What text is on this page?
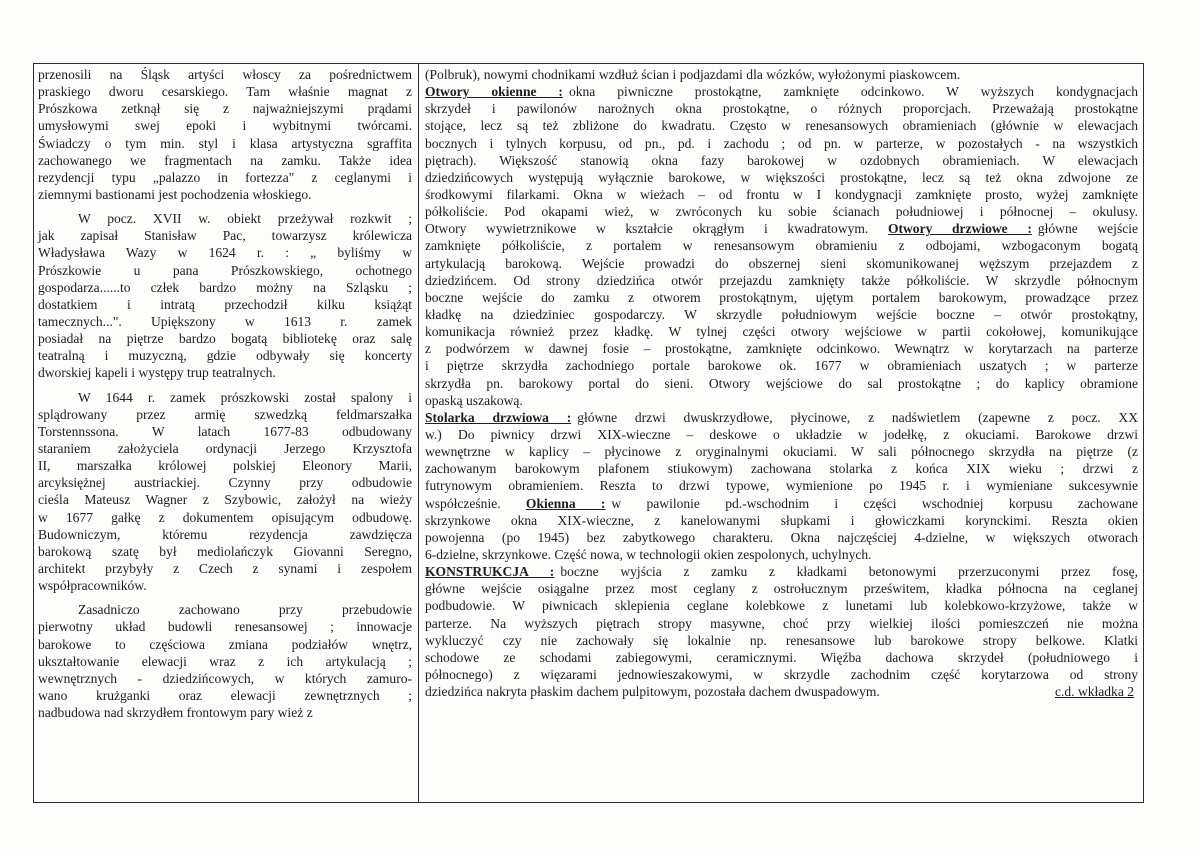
przenosili na Śląsk artyści włoscy za pośrednictwem
praskiego dworu cesarskiego. Tam właśnie magnat z
Prószkowa zetknął się z najważniejszymi prądami
umysłowymi swej epoki i wybitnymi twórcami.
Świadczy o tym min. styl i klasa artystyczna sgraffita
zachowanego we fragmentach na zamku. Także idea
rezydencji typu „palazzo in fortezza" z ceglanymi i
ziemnymi bastionami jest pochodzenia włoskiego.
W pocz. XVII w. obiekt przeżywał rozkwit ;
jak zapisał Stanisław Pac, towarzysz królewicza
Władysława Wazy w 1624 r. : „ byliśmy w
Prószkowie u pana Prószkowskiego, ochotnego
gospodarza......to człek bardzo możny na Szląsku ;
dostatkiem i intratą przechodził kilku książąt
tamecznych...". Upiększony w 1613 r. zamek
posiadał na piętrze bardzo bogatą bibliotekę oraz salę
teatralną i muzyczną, gdzie odbywały się koncerty
dworskiej kapeli i występy trup teatralnych.
W 1644 r. zamek prószkowski został spalony i
splądrowany przez armię szwedzką feldmarszałka
Torstennssona. W latach 1677-83 odbudowany
staraniem założyciela ordynacji Jerzego Krzysztofa
II, marszałka królowej polskiej Eleonory Marii,
arcyksiężnej austriackiej. Czynny przy odbudowie
cieśla Mateusz Wagner z Szybowic, założył na wieży
w 1677 gałkę z dokumentem opisującym odbudowę.
Budowniczym, któremu rezydencja zawdzięcza
barokową szatę był mediolańczyk Giovanni Seregno,
architekt przybyły z Czech z synami i zespołem
współpracowników.
Zasadniczo zachowano przy przebudowie
pierwotny układ budowli renesansowej ; innowacje
barokowe to częściowa zmiana podziałów wnętrz,
ukształtowanie elewacji wraz z ich artykulacją ;
wewnętrznych - dziedzińcowych, w których zamuro-
wano krużganki oraz elewacji zewnętrznych ;
nadbudowa nad skrzydłem frontowym pary wież z
(Polbruk), nowymi chodnikami wzdłuż ścian i podjazdami dla wózków, wyłożonymi piaskowcem.
Otwory okienne : okna piwniczne prostokątne, zamknięte odcinkowo. W wyższych kondygnacjach
skrzydeł i pawilonów narożnych okna prostokątne, o różnych proporcjach. Przeważają prostokątne
stojące, lecz są też zbliżone do kwadratu. Często w renesansowych obramieniach (głównie w elewacjach
bocznych i tylnych korpusu, od pn., pd. i zachodu ; od pn. w parterze, w pozostałych - na wszystkich
piętrach). Większość stanowią okna fazy barokowej w ozdobnych obramieniach. W elewacjach
dziedzińcowych występują wyłącznie barokowe, w większości prostokątne, lecz są też okna zdwojone ze
środkowymi filarkami. Okna w wieżach – od frontu w I kondygnacji zamknięte prosto, wyżej zamknięte
półkoliście. Pod okapami wież, w zwróconych ku sobie ścianach południowej i północnej – okulusy.
Otwory wywietrznikowe w kształcie okrągłym i kwadratowym. Otwory drzwiowe : główne wejście
zamknięte półkoliście, z portalem w renesansowym obramieniu z odbojami, wzbogaconym bogatą
artykulacją barokową. Wejście prowadzi do obszernej sieni skomunikowanej węższym przejazdem z
dziedzińcem. Od strony dziedzińca otwór przejazdu zamknięty także półkoliście. W skrzydle północnym
boczne wejście do zamku z otworem prostokątnym, ujętym portalem barokowym, prowadzące przez
kładkę na dziedziniec gospodarczy. W skrzydle południowym wejście boczne – otwór prostokątny,
komunikacja również przez kładkę. W tylnej części otwory wejściowe w partii cokołowej, komunikujące
z podwórzem w dawnej fosie – prostokątne, zamknięte odcinkowo. Wewnątrz w korytarzach na parterze
i piętrze skrzydła zachodniego portale barokowe ok. 1677 w obramieniach uszatych ; w parterze
skrzydła pn. barokowy portal do sieni. Otwory wejściowe do sal prostokątne ; do kaplicy obramione
opaską uszakową.
Stolarka drzwiowa : główne drzwi dwuskrzydłowe, płycinowe, z nadświetlem (zapewne z pocz. XX
w.) Do piwnicy drzwi XIX-wieczne – deskowe o układzie w jodełkę, z okuciami. Barokowe drzwi
wewnętrzne w kaplicy – płycinowe z oryginalnymi okuciami. W sali północnego skrzydła na piętrze (z
zachowanym barokowym plafonem stiukowym) zachowana stolarka z końca XIX wieku ; drzwi z
futrynowym obramieniem. Reszta to drzwi typowe, wymienione po 1945 r. i wymieniane sukcesywnie
współcześnie. Okienna : w pawilonie pd.-wschodnim i części wschodniej korpusu zachowane
skrzynkowe okna XIX-wieczne, z kanelowanymi słupkami i głowiczkami korynckimi. Reszta okien
powojenna (po 1945) bez zabytkowego charakteru. Okna najczęściej 4-dzielne, w większych otworach
6-dzielne, skrzynkowe. Część nowa, w technologii okien zespolonych, uchylnych.
KONSTRUKCJA : boczne wyjścia z zamku z kładkami betonowymi przerzuconymi przez fosę,
główne wejście osiągalne przez most ceglany z ostrołucznym prześwitem, kładka północna na ceglanej
podbudowie. W piwnicach sklepienia ceglane kolebkowe z lunetami lub kolebkowo-krzyżowe, także w
parterze. Na wyższych piętrach stropy masywne, choć przy wielkiej ilości pomieszczeń nie można
wykluczyć czy nie zachowały się lokalnie np. renesansowe lub barokowe stropy belkowe. Klatki
schodowe ze schodami zabiegowymi, ceramicznymi. Więźba dachowa skrzydeł (południowego i
północnego) z więzarami jednowieszakowymi, w skrzydle zachodnim część korytarzowa od strony
dziedzińca nakryta płaskim dachem pulpitowym, pozostała dachem dwuspadowym.	c.d. wkładka 2
